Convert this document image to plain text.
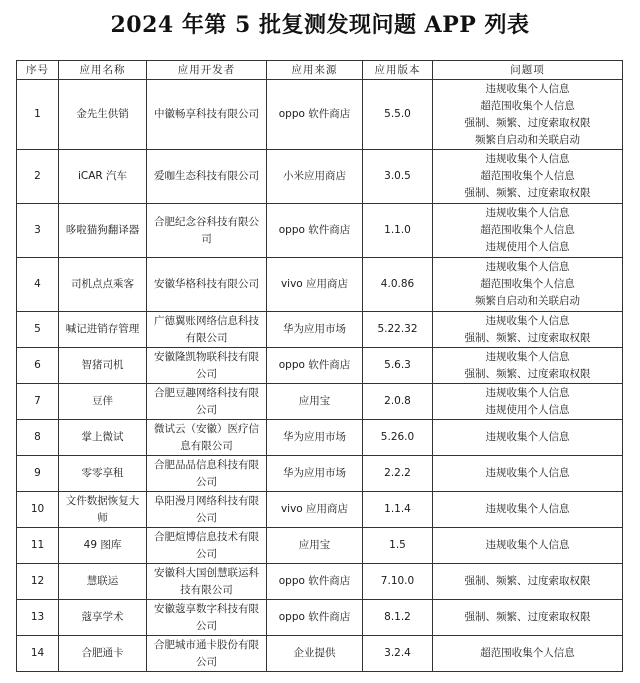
2024 年第 5 批复测发现问题 APP 列表
序号	应用名称	应用开发者	应用来源	应用版本	问题项
1	金先生供销	中徽畅享科技有限公司	oppo 软件商店	5.5.0	违规收集个人信息
超范围收集个人信息
强制、频繁、过度索取权限
频繁自启动和关联启动

2	iCAR 汽车	爱咖生态科技有限公司	小米应用商店	3.0.5	违规收集个人信息
超范围收集个人信息
强制、频繁、过度索取权限

3	哆啦猫狗翻译器	合肥纪念谷科技有限公司	oppo 软件商店	1.1.0	违规收集个人信息
超范围收集个人信息
违规使用个人信息

4	司机点点乘客	安徽华格科技有限公司	vivo 应用商店	4.0.86	违规收集个人信息
超范围收集个人信息
频繁自启动和关联启动

5	喊记进销存管理	广德翼账网络信息科技有限公司	华为应用市场	5.22.32	违规收集个人信息
强制、频繁、过度索取权限

6	智猪司机	安徽隆凯物联科技有限公司	oppo 软件商店	5.6.3	违规收集个人信息
强制、频繁、过度索取权限

7	豆伴	合肥豆趣网络科技有限公司	应用宝	2.0.8	违规收集个人信息
违规使用个人信息

8	掌上微试	微试云（安徽）医疗信息有限公司	华为应用市场	5.26.0	违规收集个人信息

9	零零享租	合肥品品信息科技有限公司	华为应用市场	2.2.2	违规收集个人信息

10	文件数据恢复大师	阜阳漫月网络科技有限公司	vivo 应用商店	1.1.4	违规收集个人信息

11	49 图库	合肥煊博信息技术有限公司	应用宝	1.5	违规收集个人信息

12	慧联运	安徽科大国创慧联运科技有限公司	oppo 软件商店	7.10.0	强制、频繁、过度索取权限

13	蔻享学术	安徽蔻享数字科技有限公司	oppo 软件商店	8.1.2	强制、频繁、过度索取权限

14	合肥通卡	合肥城市通卡股份有限公司	企业提供	3.2.4	超范围收集个人信息
